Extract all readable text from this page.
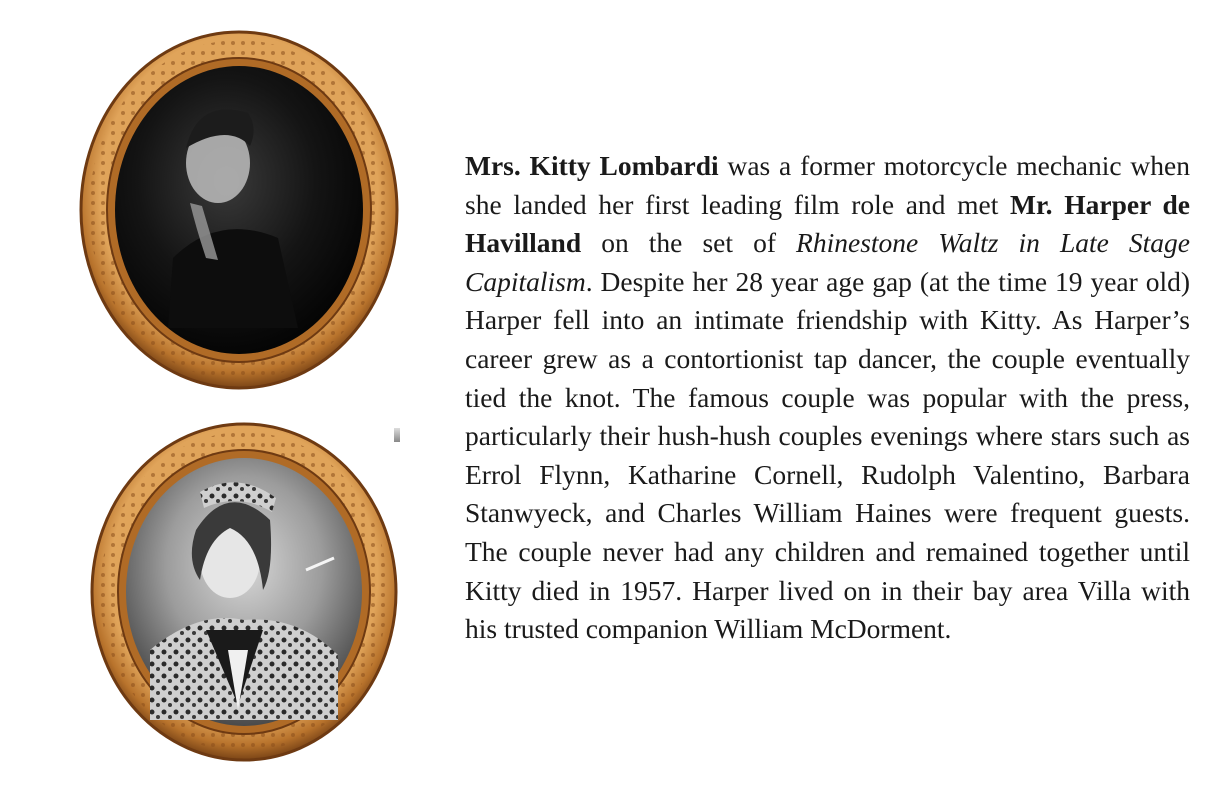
Mrs. Kitty Lombardi was a former motorcycle mechanic when she landed her first leading film role and met Mr. Harper de Havilland on the set of Rhinestone Waltz in Late Stage Capitalism. Despite her 28 year age gap (at the time 19 year old) Harper fell into an intimate friendship with Kitty. As Harper’s career grew as a contortionist tap dancer, the couple eventually tied the knot. The famous couple was popular with the press, particularly their hush-hush couples evenings where stars such as Errol Flynn, Katharine Cornell, Rudolph Valentino, Barbara Stanwyeck, and Charles William Haines were frequent guests. The couple never had any children and remained together until Kitty died in 1957. Harper lived on in their bay area Villa with his trusted companion William McDorment.
